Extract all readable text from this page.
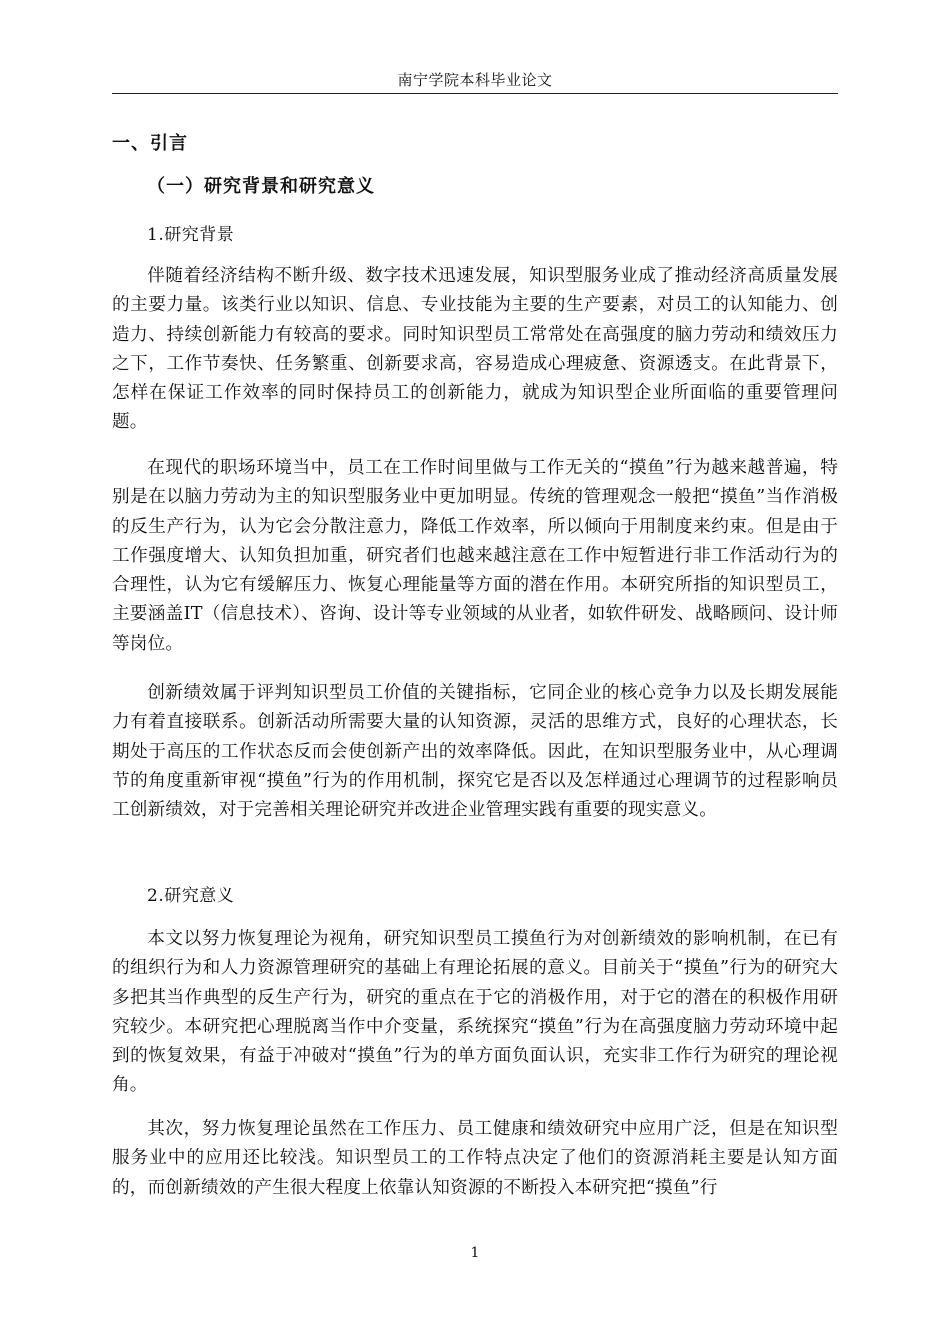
南宁学院本科毕业论文
一、引言
（一）研究背景和研究意义
1.研究背景

伴随着经济结构不断升级、数字技术迅速发展，知识型服务业成了推动经济高质量发展的主要力量。该类行业以知识、信息、专业技能为主要的生产要素，对员工的认知能力、创造力、持续创新能力有较高的要求。同时知识型员工常常处在高强度的脑力劳动和绩效压力之下，工作节奏快、任务繁重、创新要求高，容易造成心理疲惫、资源透支。在此背景下，怎样在保证工作效率的同时保持员工的创新能力，就成为知识型企业所面临的重要管理问题。

在现代的职场环境当中，员工在工作时间里做与工作无关的“摸鱼”行为越来越普遍，特别是在以脑力劳动为主的知识型服务业中更加明显。传统的管理观念一般把“摸鱼”当作消极的反生产行为，认为它会分散注意力，降低工作效率，所以倾向于用制度来约束。但是由于工作强度增大、认知负担加重，研究者们也越来越注意在工作中短暂进行非工作活动行为的合理性，认为它有缓解压力、恢复心理能量等方面的潜在作用。本研究所指的知识型员工，主要涵盖IT（信息技术）、咨询、设计等专业领域的从业者，如软件研发、战略顾问、设计师等岗位。

创新绩效属于评判知识型员工价值的关键指标，它同企业的核心竞争力以及长期发展能力有着直接联系。创新活动所需要大量的认知资源，灵活的思维方式，良好的心理状态，长期处于高压的工作状态反而会使创新产出的效率降低。因此，在知识型服务业中，从心理调节的角度重新审视“摸鱼”行为的作用机制，探究它是否以及怎样通过心理调节的过程影响员工创新绩效，对于完善相关理论研究并改进企业管理实践有重要的现实意义。

2.研究意义

本文以努力恢复理论为视角，研究知识型员工摸鱼行为对创新绩效的影响机制，在已有的组织行为和人力资源管理研究的基础上有理论拓展的意义。目前关于“摸鱼”行为的研究大多把其当作典型的反生产行为，研究的重点在于它的消极作用，对于它的潜在的积极作用研究较少。本研究把心理脱离当作中介变量，系统探究“摸鱼”行为在高强度脑力劳动环境中起到的恢复效果，有益于冲破对“摸鱼”行为的单方面负面认识，充实非工作行为研究的理论视角。

其次，努力恢复理论虽然在工作压力、员工健康和绩效研究中应用广泛，但是在知识型服务业中的应用还比较浅。知识型员工的工作特点决定了他们的资源消耗主要是认知方面的，而创新绩效的产生很大程度上依靠认知资源的不断投入本研究把“摸鱼”行

1
